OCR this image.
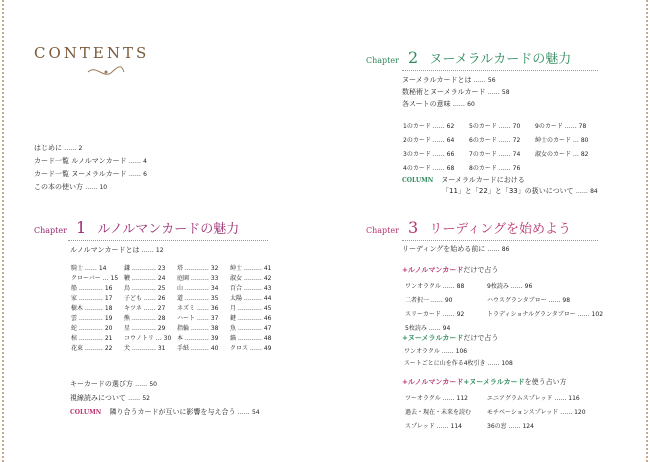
CONTENTS
はじめに …… 2
カード一覧 ルノルマンカード …… 4
カード一覧 ヌーメラルカード …… 6
この本の使い方 …… 10
Chapter 1 ルノルマンカードの魅力
ルノルマンカードとは …… 12
騎士 …… 14	鎌 ………… 23	塔 ………… 32	紳士 ……… 41
クローバー … 15	鞭 ………… 24	庭園 ……… 33	淑女 ……… 42
船 ………… 16	鳥 ………… 25	山 ………… 34	百合 ……… 43
家 ………… 17	子ども …… 26	道 ………… 35	太陽 ……… 44
樹木 ……… 18	キツネ …… 27	ネズミ …… 36	月 ………… 45
雲 ………… 19	熊 ………… 28	ハート …… 37	鍵 ………… 46
蛇 ………… 20	星 ………… 29	指輪 ……… 38	魚 ………… 47
棺 ………… 21	コウノトリ … 30	本 ………… 39	錨 ………… 48
花束 ……… 22	犬 ………… 31	手紙 ……… 40	クロス …… 49
キーカードの選び方 …… 50
視線読みについて …… 52
COLUMN 隣り合うカードが互いに影響を与え合う …… 54
Chapter 2 ヌーメラルカードの魅力
ヌーメラルカードとは …… 56
数秘術とヌーメラルカード …… 58
各スートの意味 …… 60
1のカード …… 62	5のカード …… 70	9のカード …… 78
2のカード …… 64	6のカード …… 72	紳士のカード … 80
3のカード …… 66	7のカード …… 74	淑女のカード … 82
4のカード …… 68	8のカード …… 76	
COLUMN ヌーメラルカードにおける
「11」と「22」と「33」の扱いについて …… 84
Chapter 3 リーディングを始めよう
リーディングを始める前に …… 86
+ルノルマンカードだけで占う
ワンオラクル …… 88	9枚読み …… 96
二者択一 …… 90	ハウスグランタブロー …… 98
スリーカード …… 92	トラディショナルグランタブロー …… 102
5枚読み …… 94	
+ヌーメラルカードだけで占う
ワンオラクル …… 106
スートごとに山を作る4枚引き …… 108
+ルノルマンカード+ヌーメラルカードを使う占い方
ツーオラクル …… 112	エニアグラムスプレッド …… 116
過去・現在・未来を読む	モチベーションスプレッド …… 120
スプレッド …… 114	36の窓 …… 124
